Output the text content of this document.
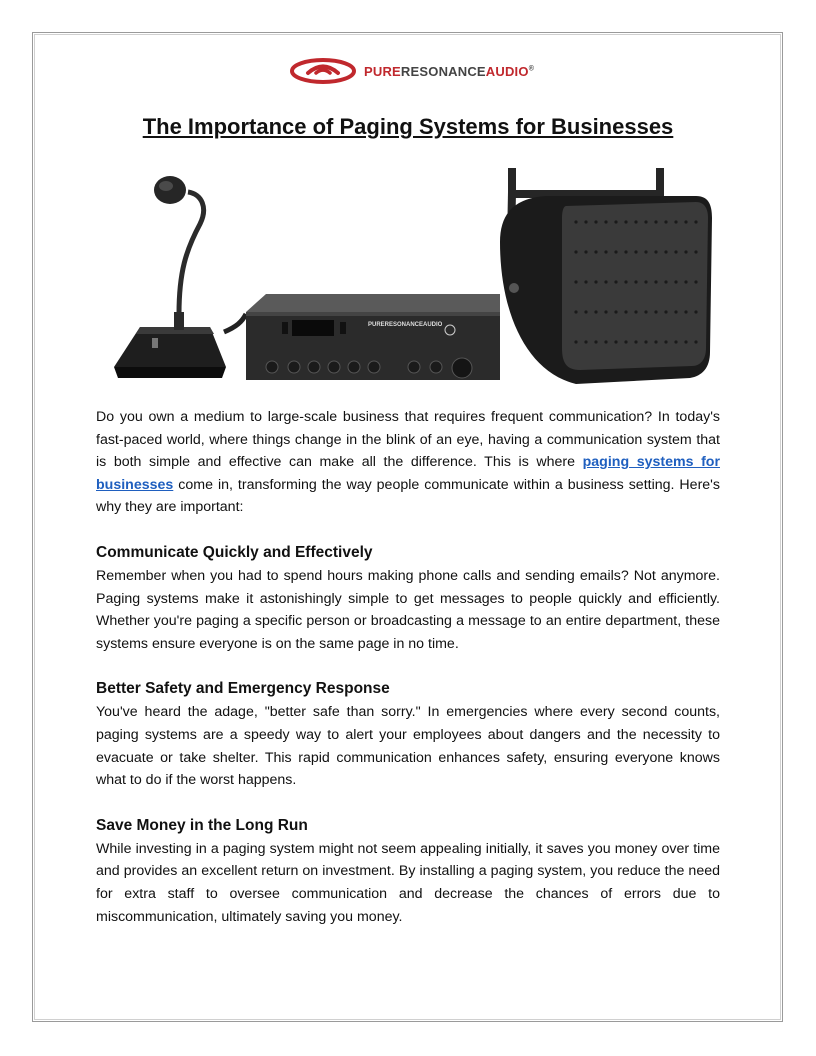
PURERESONANCEAUDIO®
The Importance of Paging Systems for Businesses
PURERESONANCEAUDIO

Do you own a medium to large-scale business that requires frequent communication? In today's fast-paced world, where things change in the blink of an eye, having a communication system that is both simple and effective can make all the difference. This is where paging systems for businesses come in, transforming the way people communicate within a business setting. Here's why they are important:

Communicate Quickly and Effectively

Remember when you had to spend hours making phone calls and sending emails? Not anymore. Paging systems make it astonishingly simple to get messages to people quickly and efficiently. Whether you're paging a specific person or broadcasting a message to an entire department, these systems ensure everyone is on the same page in no time.

Better Safety and Emergency Response

You've heard the adage, "better safe than sorry." In emergencies where every second counts, paging systems are a speedy way to alert your employees about dangers and the necessity to evacuate or take shelter. This rapid communication enhances safety, ensuring everyone knows what to do if the worst happens.

Save Money in the Long Run

While investing in a paging system might not seem appealing initially, it saves you money over time and provides an excellent return on investment. By installing a paging system, you reduce the need for extra staff to oversee communication and decrease the chances of errors due to miscommunication, ultimately saving you money.
